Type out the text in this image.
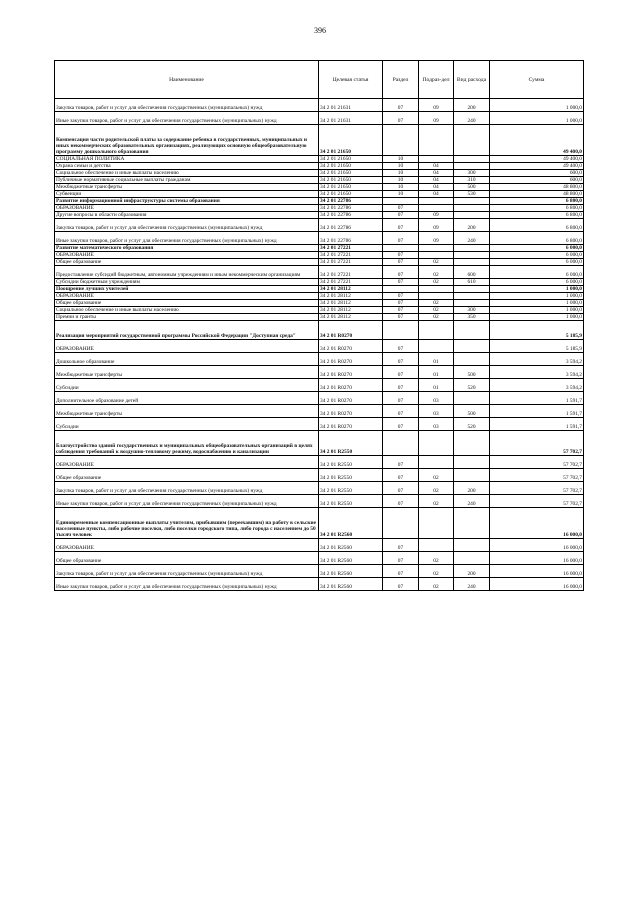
396
Наименование	Целевая статья	Раздел	Подраз-дел	Вид расхода	Сумма
Закупка товаров, работ и услуг для обеспечения государственных (муниципальных) нужд	34 2 01 21631	07	09	200	1 000,0
Иные закупки товаров, работ и услуг для обеспечения государственных (муниципальных) нужд	34 2 01 21631	07	09	240	1 000,0
Компенсация части родительской платы за содержание ребенка в государственных, муниципальных и иных некоммерческих образовательных организациях, реализующих основную общеобразовательную программу дошкольного образования	34 2 01 21650				49 400,0
СОЦИАЛЬНАЯ ПОЛИТИКА	34 2 01 21650	10			49 400,0
Охрана семьи и детства	34 2 01 21650	10	04		49 400,0
Социальное обеспечение и иные выплаты населению	34 2 01 21650	10	04	300	600,0
Публичные нормативные социальные выплаты гражданам	34 2 01 21650	10	04	310	600,0
Межбюджетные трансферты	34 2 01 21650	10	04	500	48 800,0
Субвенции	34 2 01 21650	10	04	530	48 800,0
Развитие информационной инфраструктуры системы образования	34 2 01 22786				6 800,0
ОБРАЗОВАНИЕ	34 2 01 22786	07			6 800,0
Другие вопросы в области образования	34 2 01 22786	07	09		6 800,0
Закупка товаров, работ и услуг для обеспечения государственных (муниципальных) нужд	34 2 01 22786	07	09	200	6 800,0
Иные закупки товаров, работ и услуг для обеспечения государственных (муниципальных) нужд	34 2 01 22786	07	09	240	6 800,0
Развитие математического образования	34 2 01 27221				6 000,0
ОБРАЗОВАНИЕ	34 2 01 27221	07			6 000,0
Общее образование	34 2 01 27221	07	02		6 000,0
Предоставление субсидий бюджетным, автономным учреждениям и иным некоммерческим организациям	34 2 01 27221	07	02	600	6 000,0
Субсидии бюджетным учреждениям	34 2 01 27221	07	02	610	6 000,0
Поощрение лучших учителей	34 2 01 28112				1 000,0
ОБРАЗОВАНИЕ	34 2 01 28112	07			1 000,0
Общее образование	34 2 01 28112	07	02		1 000,0
Социальное обеспечение и иные выплаты населению	34 2 01 28112	07	02	300	1 000,0
Премии и гранты	34 2 01 28112	07	02	350	1 000,0
Реализация мероприятий государственной программы Российской Федерации "Доступная среда"	34 2 01 R0270				5 185,9
ОБРАЗОВАНИЕ	34 2 01 R0270	07			5 185,9
Дошкольное образование	34 2 01 R0270	07	01		3 594,2
Межбюджетные трансферты	34 2 01 R0270	07	01	500	3 594,2
Субсидии	34 2 01 R0270	07	01	520	3 594,2
Дополнительное образование детей	34 2 01 R0270	07	03		1 591,7
Межбюджетные трансферты	34 2 01 R0270	07	03	500	1 591,7
Субсидии	34 2 01 R0270	07	03	520	1 591,7
Благоустройство зданий государственных и муниципальных общеобразовательных организаций в целях соблюдения требований к воздушно-тепловому режиму, водоснабжению и канализации	34 2 01 R2550				57 702,7
ОБРАЗОВАНИЕ	34 2 01 R2550	07			57 702,7
Общее образование	34 2 01 R2550	07	02		57 702,7
Закупка товаров, работ и услуг для обеспечения государственных (муниципальных) нужд	34 2 01 R2550	07	02	200	57 702,7
Иные закупки товаров, работ и услуг для обеспечения государственных (муниципальных) нужд	34 2 01 R2550	07	02	240	57 702,7
Единовременные компенсационные выплаты учителям, прибывшим (переехавшим) на работу в сельские населенные пункты, либо рабочие поселки, либо поселки городского типа, либо города с населением до 50 тысяч человек	34 2 01 R2560				16 000,0
ОБРАЗОВАНИЕ	34 2 01 R2560	07			16 000,0
Общее образование	34 2 01 R2560	07	02		16 000,0
Закупка товаров, работ и услуг для обеспечения государственных (муниципальных) нужд	34 2 01 R2560	07	02	200	16 000,0
Иные закупки товаров, работ и услуг для обеспечения государственных (муниципальных) нужд	34 2 01 R2560	07	02	240	16 000,0
